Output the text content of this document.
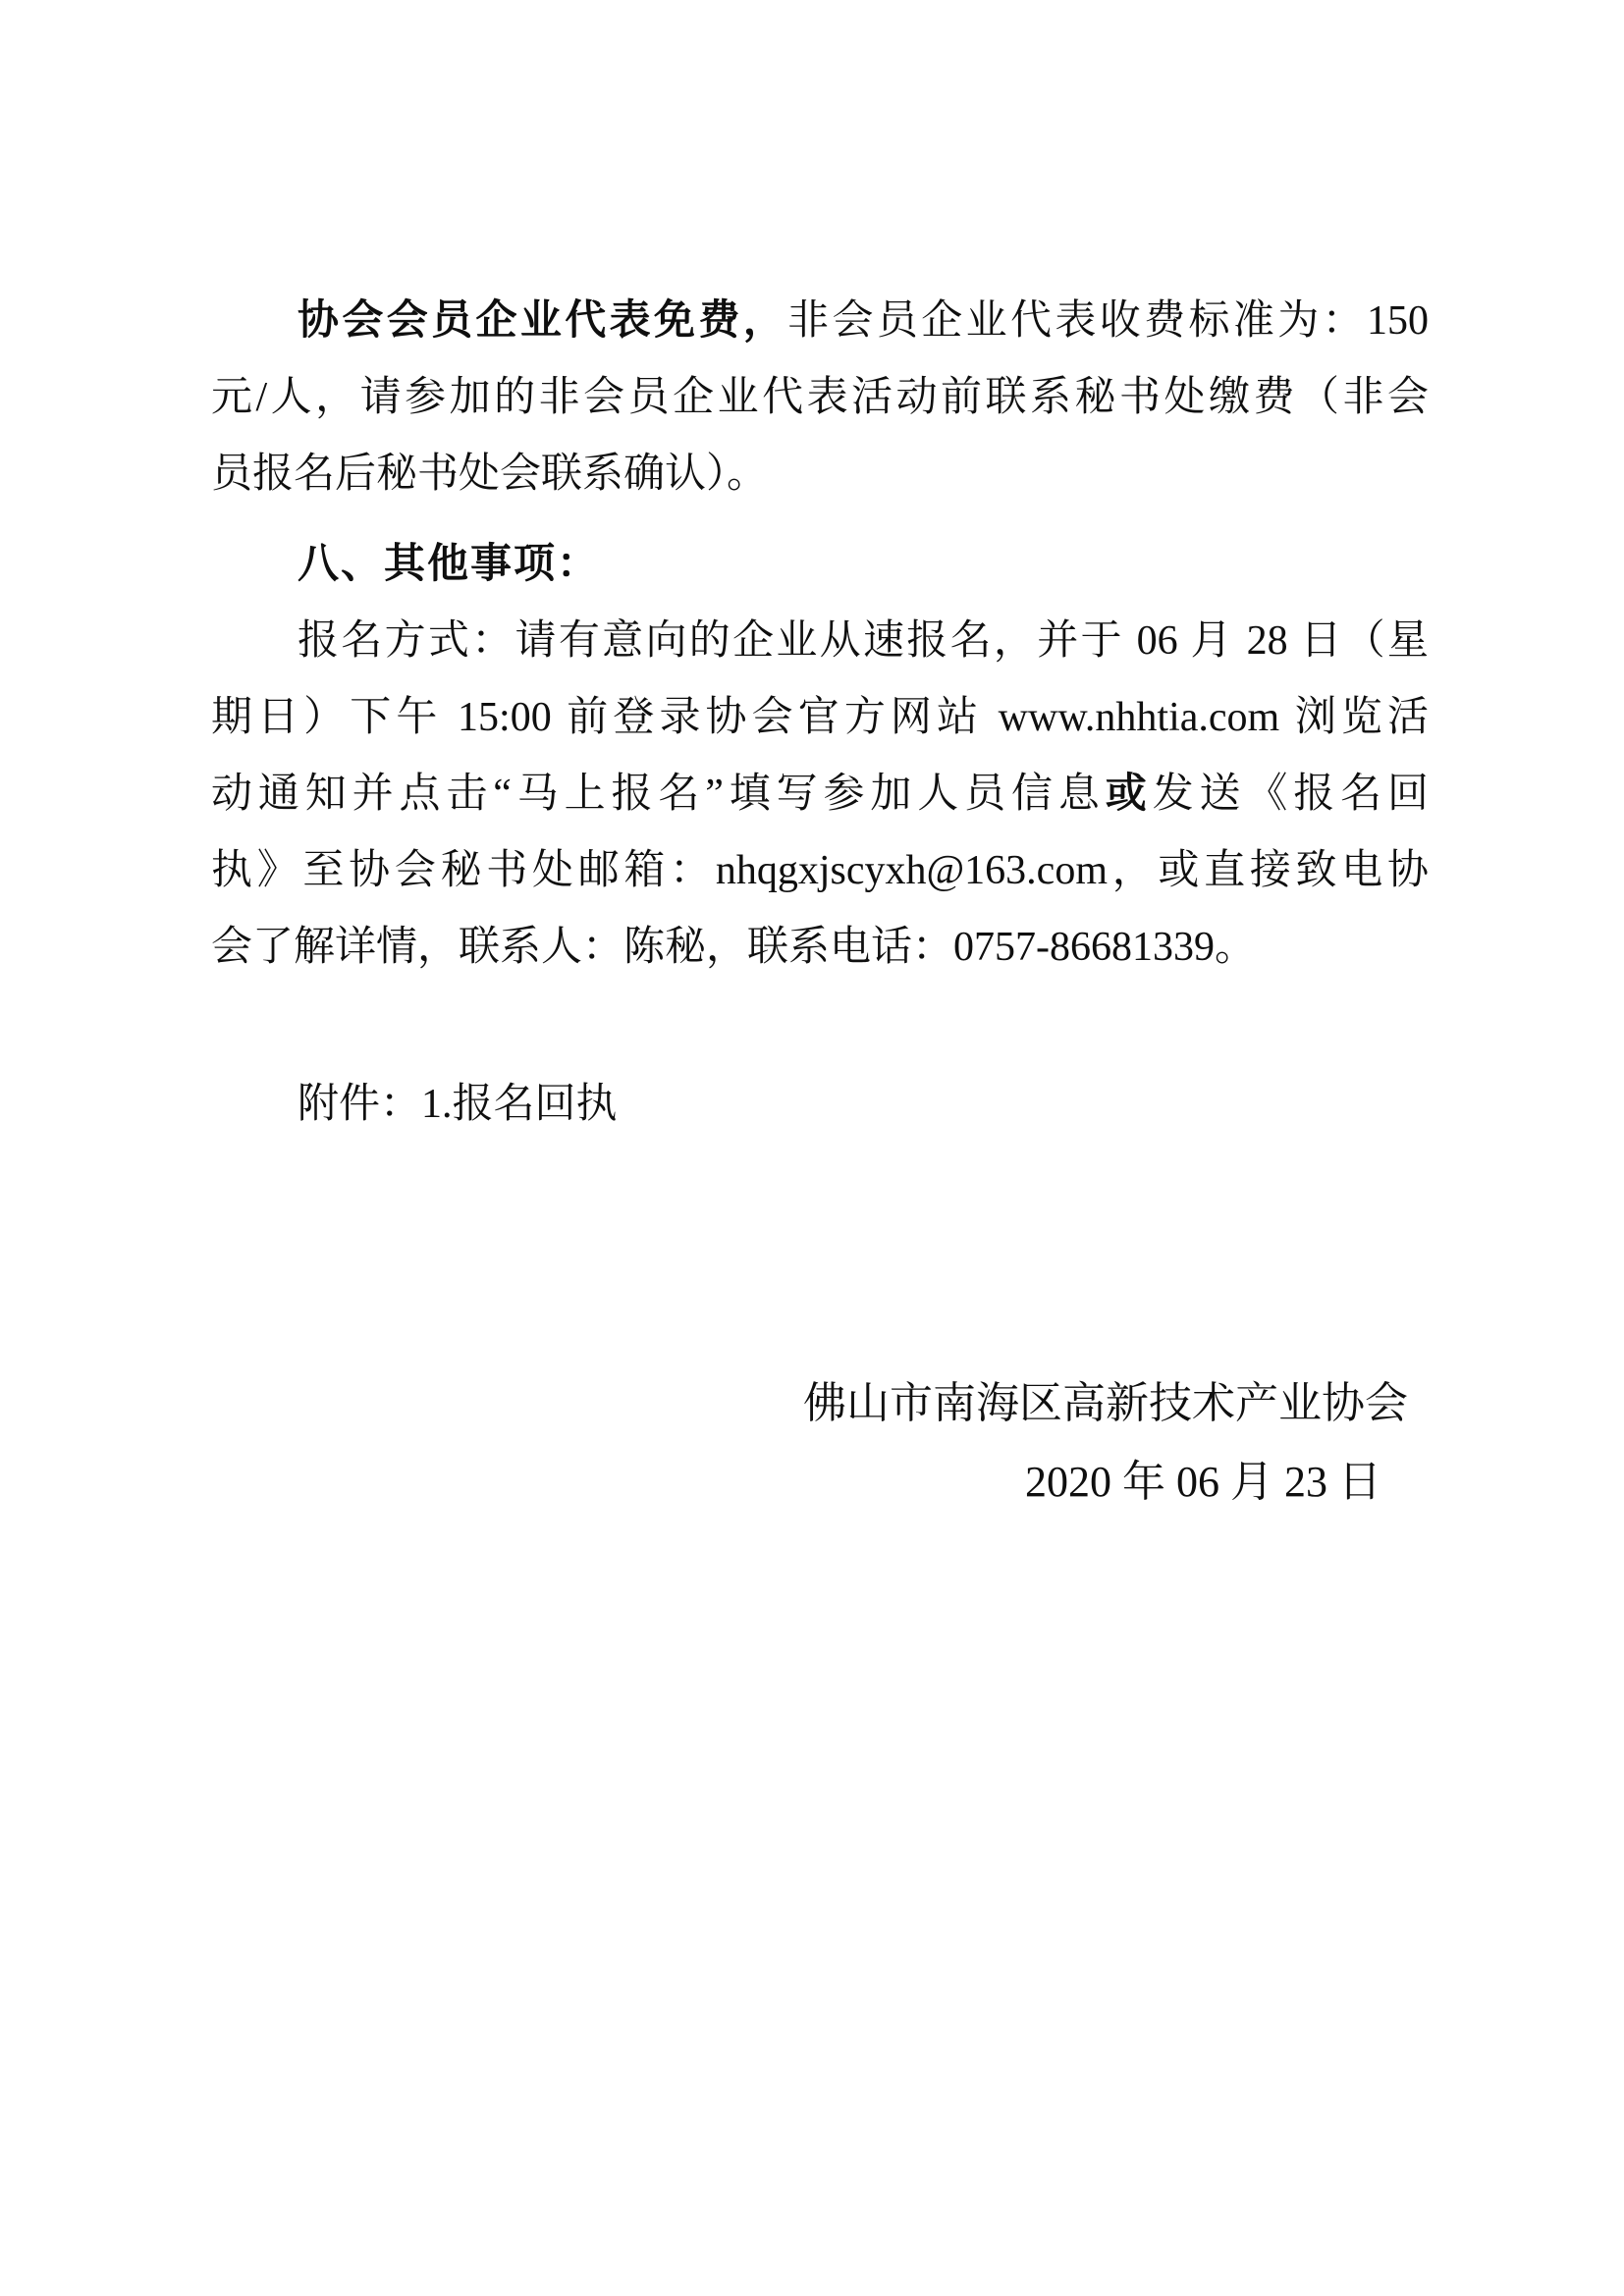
协会会员企业代表免费，非会员企业代表收费标准为：150
元/人，请参加的非会员企业代表活动前联系秘书处缴费（非会
员报名后秘书处会联系确认）。
八、其他事项：
报名方式：请有意向的企业从速报名，并于 06 月 28 日（星
期日）下午 15:00 前登录协会官方网站 www.nhhtia.com 浏览活
动通知并点击“马上报名”填写参加人员信息或发送《报名回
执》至协会秘书处邮箱：nhqgxjscyxh@163.com，或直接致电协
会了解详情，联系人：陈秘，联系电话：0757-86681339。
附件：1.报名回执
佛山市南海区高新技术产业协会
2020 年 06 月 23 日
